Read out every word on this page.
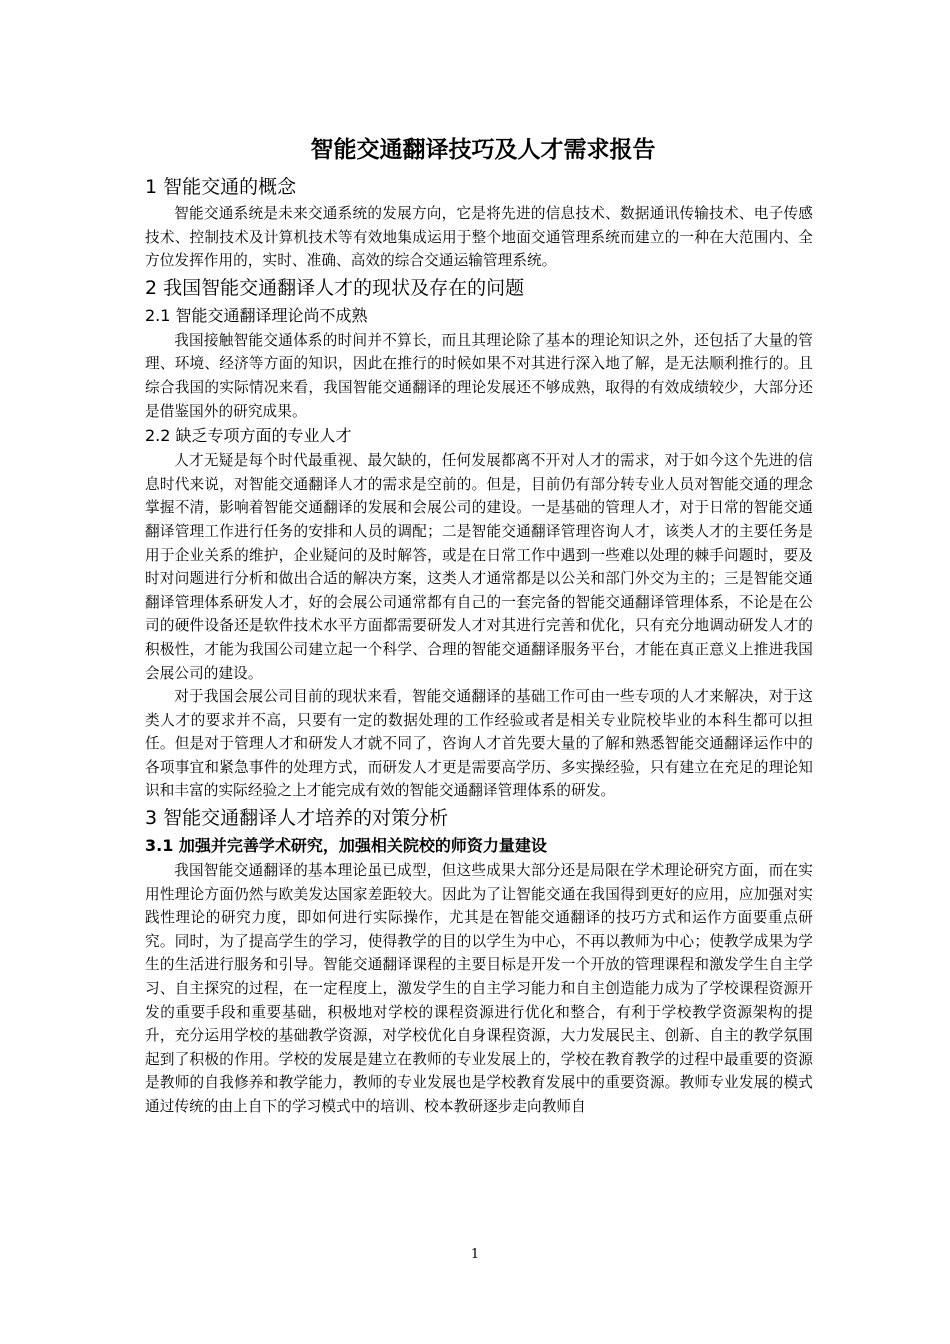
智能交通翻译技巧及人才需求报告
1 智能交通的概念

智能交通系统是未来交通系统的发展方向，它是将先进的信息技术、数据通讯传输技术、电子传感技术、控制技术及计算机技术等有效地集成运用于整个地面交通管理系统而建立的一种在大范围内、全方位发挥作用的，实时、准确、高效的综合交通运输管理系统。

2 我国智能交通翻译人才的现状及存在的问题
2.1 智能交通翻译理论尚不成熟

我国接触智能交通体系的时间并不算长，而且其理论除了基本的理论知识之外，还包括了大量的管理、环境、经济等方面的知识，因此在推行的时候如果不对其进行深入地了解，是无法顺利推行的。且综合我国的实际情况来看，我国智能交通翻译的理论发展还不够成熟，取得的有效成绩较少，大部分还是借鉴国外的研究成果。

2.2 缺乏专项方面的专业人才

人才无疑是每个时代最重视、最欠缺的，任何发展都离不开对人才的需求，对于如今这个先进的信息时代来说，对智能交通翻译人才的需求是空前的。但是，目前仍有部分转专业人员对智能交通的理念掌握不清，影响着智能交通翻译的发展和会展公司的建设。一是基础的管理人才，对于日常的智能交通翻译管理工作进行任务的安排和人员的调配；二是智能交通翻译管理咨询人才，该类人才的主要任务是用于企业关系的维护，企业疑问的及时解答，或是在日常工作中遇到一些难以处理的棘手问题时，要及时对问题进行分析和做出合适的解决方案，这类人才通常都是以公关和部门外交为主的；三是智能交通翻译管理体系研发人才，好的会展公司通常都有自己的一套完备的智能交通翻译管理体系，不论是在公司的硬件设备还是软件技术水平方面都需要研发人才对其进行完善和优化，只有充分地调动研发人才的积极性，才能为我国公司建立起一个科学、合理的智能交通翻译服务平台，才能在真正意义上推进我国会展公司的建设。

对于我国会展公司目前的现状来看，智能交通翻译的基础工作可由一些专项的人才来解决，对于这类人才的要求并不高，只要有一定的数据处理的工作经验或者是相关专业院校毕业的本科生都可以担任。但是对于管理人才和研发人才就不同了，咨询人才首先要大量的了解和熟悉智能交通翻译运作中的各项事宜和紧急事件的处理方式，而研发人才更是需要高学历、多实操经验，只有建立在充足的理论知识和丰富的实际经验之上才能完成有效的智能交通翻译管理体系的研发。

3 智能交通翻译人才培养的对策分析
3.1 加强并完善学术研究，加强相关院校的师资力量建设

我国智能交通翻译的基本理论虽已成型，但这些成果大部分还是局限在学术理论研究方面，而在实用性理论方面仍然与欧美发达国家差距较大。因此为了让智能交通在我国得到更好的应用，应加强对实践性理论的研究力度，即如何进行实际操作，尤其是在智能交通翻译的技巧方式和运作方面要重点研究。同时，为了提高学生的学习，使得教学的目的以学生为中心，不再以教师为中心；使教学成果为学生的生活进行服务和引导。智能交通翻译课程的主要目标是开发一个开放的管理课程和激发学生自主学习、自主探究的过程，在一定程度上，激发学生的自主学习能力和自主创造能力成为了学校课程资源开发的重要手段和重要基础，积极地对学校的课程资源进行优化和整合，有利于学校教学资源架构的提升，充分运用学校的基础教学资源，对学校优化自身课程资源，大力发展民主、创新、自主的教学氛围起到了积极的作用。学校的发展是建立在教师的专业发展上的，学校在教育教学的过程中最重要的资源是教师的自我修养和教学能力，教师的专业发展也是学校教育发展中的重要资源。教师专业发展的模式通过传统的由上自下的学习模式中的培训、校本教研逐步走向教师自

1
